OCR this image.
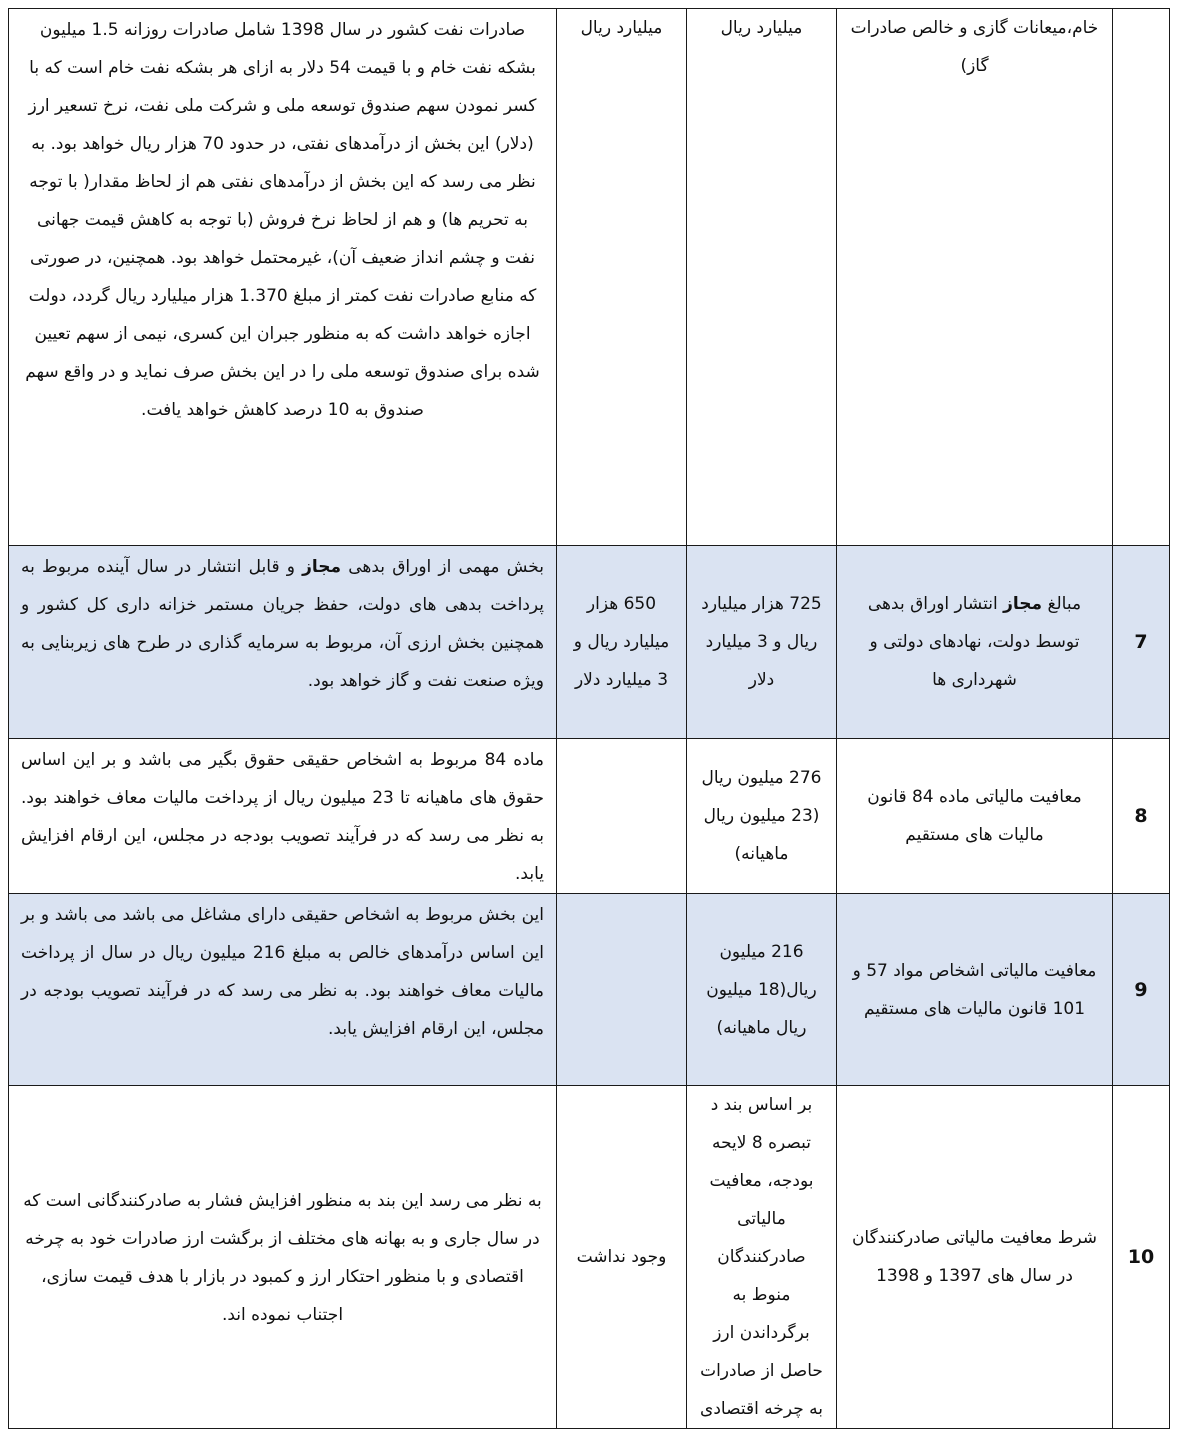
	خام،میعانات گازی و خالص صادرات گاز)	میلیارد ریال	میلیارد ریال	صادرات نفت کشور در سال 1398 شامل صادرات روزانه 1.5 میلیون بشکه نفت خام و با قیمت 54 دلار به ازای هر بشکه نفت خام است که با کسر نمودن سهم صندوق توسعه ملی و شرکت ملی نفت، نرخ تسعیر ارز (دلار) این بخش از درآمدهای نفتی، در حدود 70 هزار ریال خواهد بود. به نظر می رسد که این بخش از درآمدهای نفتی هم از لحاظ مقدار( با توجه به تحریم ها) و هم از لحاظ نرخ فروش (با توجه به کاهش قیمت جهانی نفت و چشم انداز ضعیف آن)، غیرمحتمل خواهد بود. همچنین، در صورتی که منابع صادرات نفت کمتر از مبلغ 1.370 هزار میلیارد ریال گردد، دولت اجازه خواهد داشت که به منظور جبران این کسری، نیمی از سهم تعیین شده برای صندوق توسعه ملی را در این بخش صرف نماید و در واقع سهم صندوق به 10 درصد کاهش خواهد یافت.
7	مبالغ مجاز انتشار اوراق بدهی توسط دولت، نهادهای دولتی و شهرداری ها	725 هزار میلیارد ریال و 3 میلیارد دلار	650 هزار میلیارد ریال و 3 میلیارد دلار	بخش مهمی از اوراق بدهی مجاز و قابل انتشار در سال آینده مربوط به پرداخت بدهی های دولت، حفظ جریان مستمر خزانه داری کل کشور و همچنین بخش ارزی آن، مربوط به سرمایه گذاری در طرح های زیربنایی به ویژه صنعت نفت و گاز خواهد بود.
8	معافیت مالیاتی ماده 84 قانون مالیات های مستقیم	276 میلیون ریال (23 میلیون ریال ماهیانه)		ماده 84 مربوط به اشخاص حقیقی حقوق بگیر می باشد و بر این اساس حقوق های ماهیانه تا 23 میلیون ریال از پرداخت مالیات معاف خواهند بود. به نظر می رسد که در فرآیند تصویب بودجه در مجلس، این ارقام افزایش یابد.
9	معافیت مالیاتی اشخاص مواد 57 و 101 قانون مالیات های مستقیم	216 میلیون ریال(18 میلیون ریال ماهیانه)		این بخش مربوط به اشخاص حقیقی دارای مشاغل می باشد می باشد و بر این اساس درآمدهای خالص به مبلغ 216 میلیون ریال در سال از پرداخت مالیات معاف خواهند بود. به نظر می رسد که در فرآیند تصویب بودجه در مجلس، این ارقام افزایش یابد.
10	شرط معافیت مالیاتی صادرکنندگان در سال های 1397 و 1398	بر اساس بند د تبصره 8 لایحه بودجه، معافیت مالیاتی صادرکنندگان منوط به برگرداندن ارز حاصل از صادرات به چرخه اقتصادی	وجود نداشت	به نظر می رسد این بند به منظور افزایش فشار به صادرکنندگانی است که در سال جاری و به بهانه های مختلف از برگشت ارز صادرات خود به چرخه اقتصادی و با منظور احتکار ارز و کمبود در بازار با هدف قیمت سازی، اجتناب نموده اند.
